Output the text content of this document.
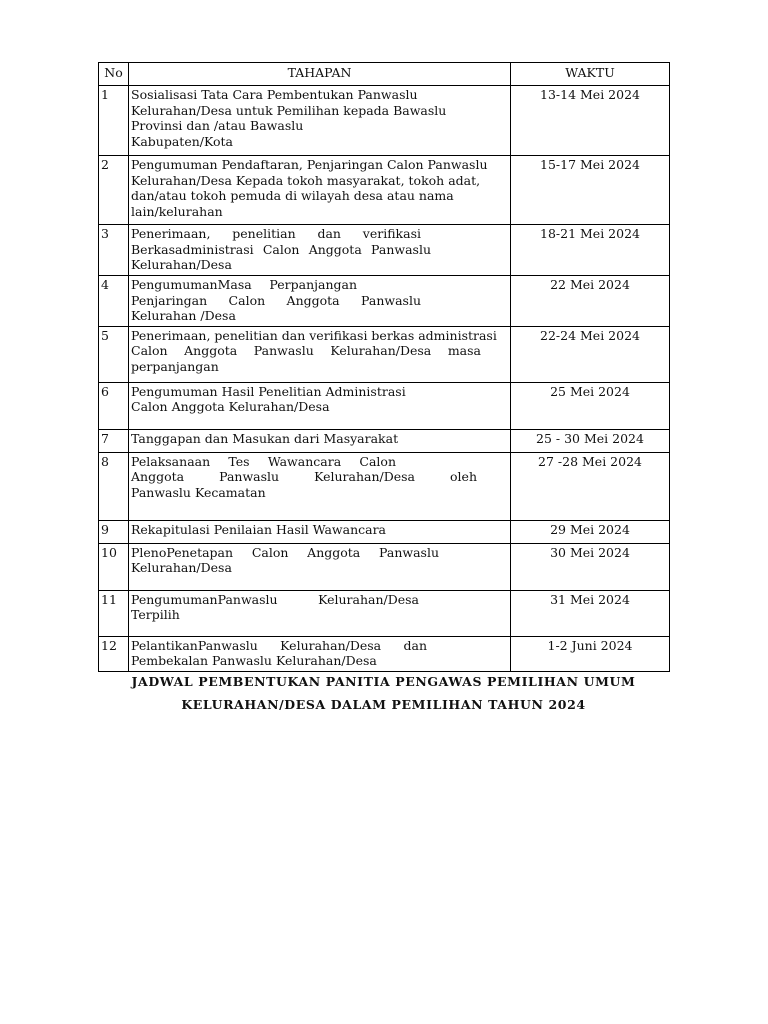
No	TAHAPAN	WAKTU
1	Sosialisasi Tata Cara Pembentukan Panwaslu
Kelurahan/Desa untuk Pemilihan kepada Bawaslu
Provinsi dan /atau Bawaslu
Kabupaten/Kota	13-14 Mei 2024
2	Pengumuman Pendaftaran, Penjaringan Calon Panwaslu
Kelurahan/Desa Kepada tokoh masyarakat, tokoh adat,
dan/atau tokoh pemuda di wilayah desa atau nama
lain/kelurahan	15-17 Mei 2024
3	Penerimaan, penelitian dan verifikasi
Berkasadministrasi Calon Anggota Panwaslu
Kelurahan/Desa	18-21 Mei 2024
4	PengumumanMasa Perpanjangan
Penjaringan Calon Anggota Panwaslu
Kelurahan /Desa	22 Mei 2024
5	Penerimaan, penelitian dan verifikasi berkas administrasi
Calon Anggota Panwaslu Kelurahan/Desa masa
perpanjangan	22-24 Mei 2024
6	Pengumuman Hasil Penelitian Administrasi
Calon Anggota Kelurahan/Desa	25 Mei 2024
7	Tanggapan dan Masukan dari Masyarakat	25 - 30 Mei 2024
8	Pelaksanaan Tes Wawancara Calon
Anggota Panwaslu Kelurahan/Desa oleh
Panwaslu Kecamatan	27 -28 Mei 2024
9	Rekapitulasi Penilaian Hasil Wawancara	29 Mei 2024
10	PlenoPenetapan Calon Anggota Panwaslu
Kelurahan/Desa	30 Mei 2024
11	PengumumanPanwaslu Kelurahan/Desa
Terpilih	31 Mei 2024
12	PelantikanPanwaslu Kelurahan/Desa dan
Pembekalan Panwaslu Kelurahan/Desa	1-2 Juni 2024
JADWAL PEMBENTUKAN PANITIA PENGAWAS PEMILIHAN UMUM
KELURAHAN/DESA DALAM PEMILIHAN TAHUN 2024
